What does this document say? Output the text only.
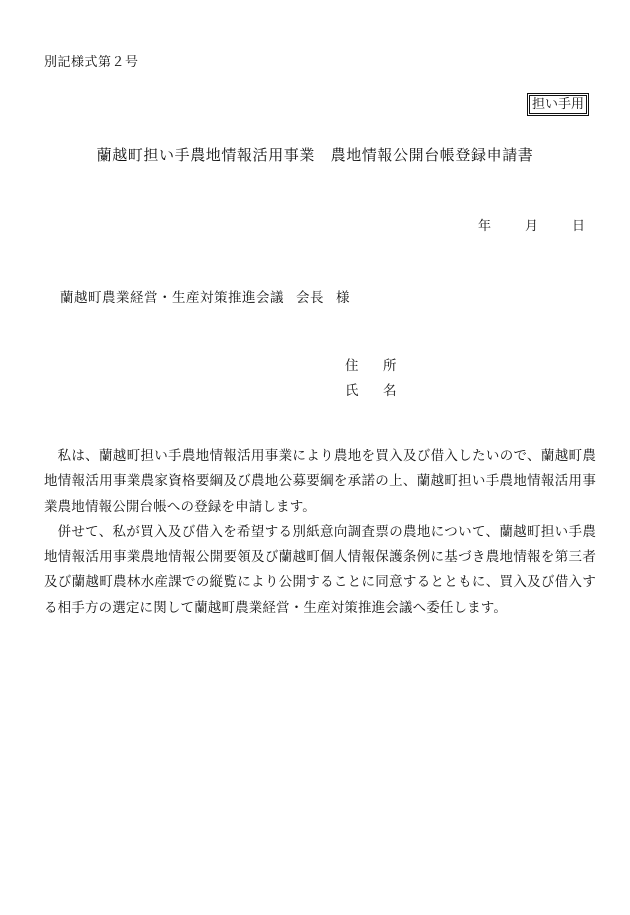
別記様式第２号
担い手用
蘭越町担い手農地情報活用事業　農地情報公開台帳登録申請書
年	月	日
蘭越町農業経営・生産対策推進会議 会長 様
住	所
氏	名

私は、蘭越町担い手農地情報活用事業により農地を買入及び借入したいので、蘭越町農地情報活用事業農家資格要綱及び農地公募要綱を承諾の上、蘭越町担い手農地情報活用事業農地情報公開台帳への登録を申請します。

併せて、私が買入及び借入を希望する別紙意向調査票の農地について、蘭越町担い手農地情報活用事業農地情報公開要領及び蘭越町個人情報保護条例に基づき農地情報を第三者及び蘭越町農林水産課での縦覧により公開することに同意するとともに、買入及び借入する相手方の選定に関して蘭越町農業経営・生産対策推進会議へ委任します。
